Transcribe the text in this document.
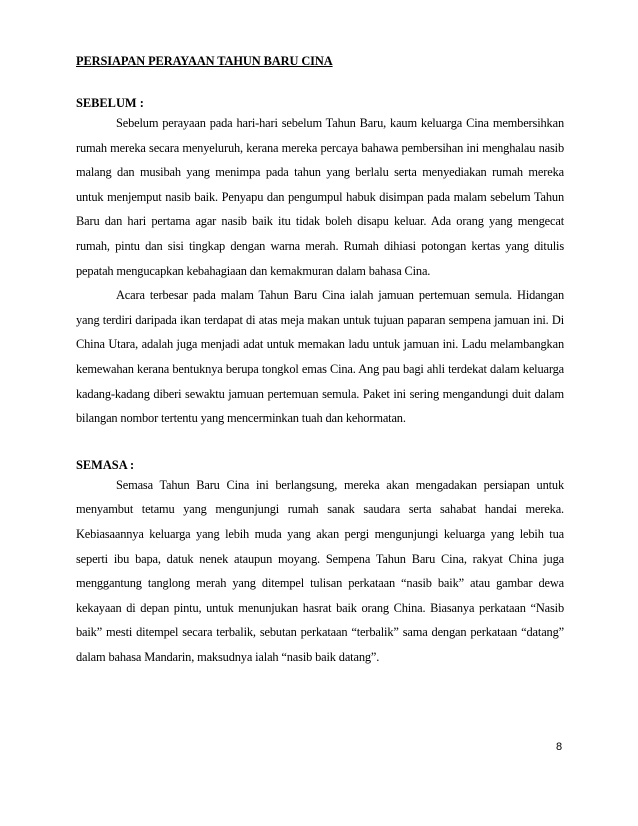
PERSIAPAN PERAYAAN TAHUN BARU CINA
SEBELUM :

Sebelum perayaan pada hari-hari sebelum Tahun Baru, kaum keluarga Cina membersihkan rumah mereka secara menyeluruh, kerana mereka percaya bahawa pembersihan ini menghalau nasib malang dan musibah yang menimpa pada tahun yang berlalu serta menyediakan rumah mereka untuk menjemput nasib baik. Penyapu dan pengumpul habuk disimpan pada malam sebelum Tahun Baru dan hari pertama agar nasib baik itu tidak boleh disapu keluar. Ada orang yang mengecat rumah, pintu dan sisi tingkap dengan warna merah. Rumah dihiasi potongan kertas yang ditulis pepatah mengucapkan kebahagiaan dan kemakmuran dalam bahasa Cina.

Acara terbesar pada malam Tahun Baru Cina ialah jamuan pertemuan semula. Hidangan yang terdiri daripada ikan terdapat di atas meja makan untuk tujuan paparan sempena jamuan ini. Di China Utara, adalah juga menjadi adat untuk memakan ladu untuk jamuan ini. Ladu melambangkan kemewahan kerana bentuknya berupa tongkol emas Cina. Ang pau bagi ahli terdekat dalam keluarga kadang-kadang diberi sewaktu jamuan pertemuan semula. Paket ini sering mengandungi duit dalam bilangan nombor tertentu yang mencerminkan tuah dan kehormatan.

SEMASA :

Semasa Tahun Baru Cina ini berlangsung, mereka akan mengadakan persiapan untuk menyambut tetamu yang mengunjungi rumah sanak saudara serta sahabat handai mereka. Kebiasaannya keluarga yang lebih muda yang akan pergi mengunjungi keluarga yang lebih tua seperti ibu bapa, datuk nenek ataupun moyang. Sempena Tahun Baru Cina, rakyat China juga menggantung tanglong merah yang ditempel tulisan perkataan “nasib baik” atau gambar dewa kekayaan di depan pintu, untuk menunjukan hasrat baik orang China. Biasanya perkataan “Nasib baik” mesti ditempel secara terbalik, sebutan perkataan “terbalik” sama dengan perkataan “datang” dalam bahasa Mandarin, maksudnya ialah “nasib baik datang”.

8
